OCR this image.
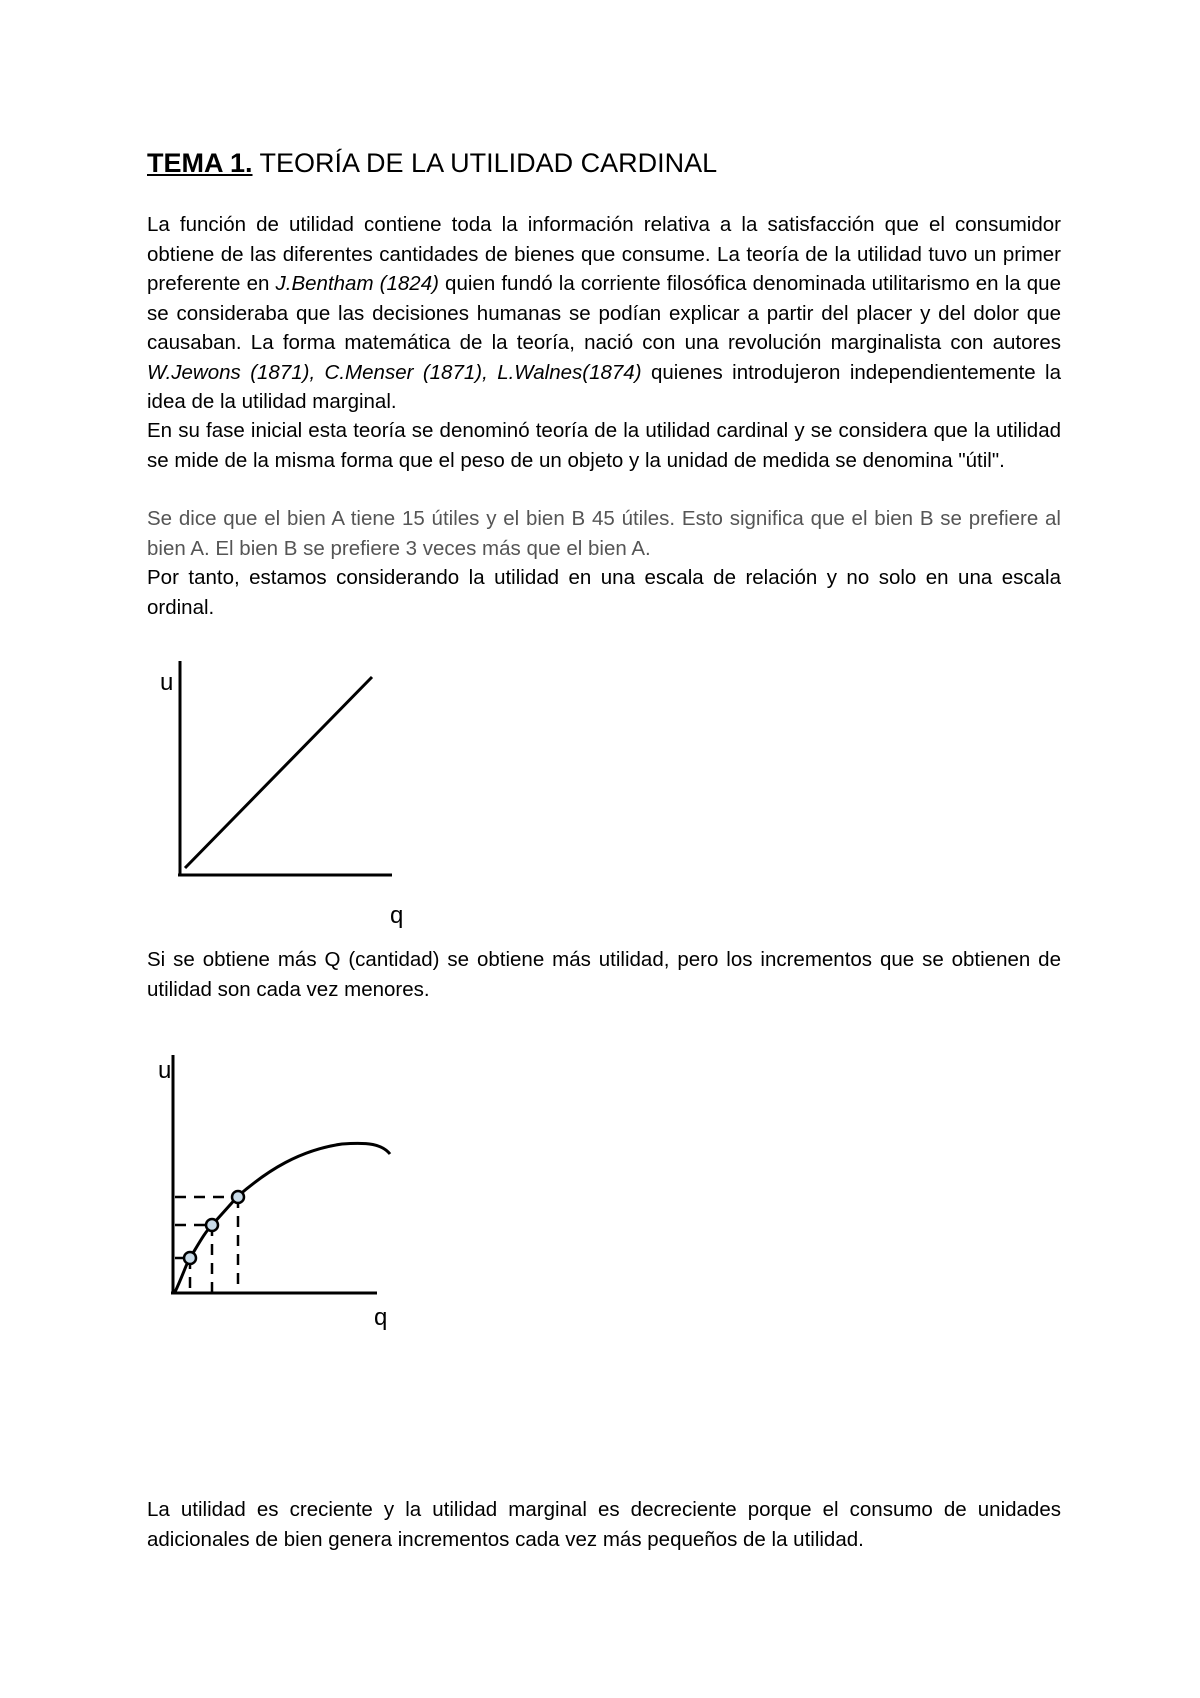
TEMA 1. TEORÍA DE LA UTILIDAD CARDINAL

La función de utilidad contiene toda la información relativa a la satisfacción que el consumidor obtiene de las diferentes cantidades de bienes que consume. La teoría de la utilidad tuvo un primer preferente en J.Bentham (1824) quien fundó la corriente filosófica denominada utilitarismo en la que se consideraba que las decisiones humanas se podían explicar a partir del placer y del dolor que causaban. La forma matemática de la teoría, nació con una revolución marginalista con autores W.Jewons (1871), C.Menser (1871), L.Walnes(1874) quienes introdujeron independientemente la idea de la utilidad marginal.

En su fase inicial esta teoría se denominó teoría de la utilidad cardinal y se considera que la utilidad se mide de la misma forma que el peso de un objeto y la unidad de medida se denomina "útil".

Se dice que el bien A tiene 15 útiles y el bien B 45 útiles. Esto significa que el bien B se prefiere al bien A. El bien B se prefiere 3 veces más que el bien A.

Por tanto, estamos considerando la utilidad en una escala de relación y no solo en una escala ordinal.

u
q
u
q

Si se obtiene más Q (cantidad) se obtiene más utilidad, pero los incrementos que se obtienen de utilidad son cada vez menores.

La utilidad es creciente y la utilidad marginal es decreciente porque el consumo de unidades adicionales de bien genera incrementos cada vez más pequeños de la utilidad.
